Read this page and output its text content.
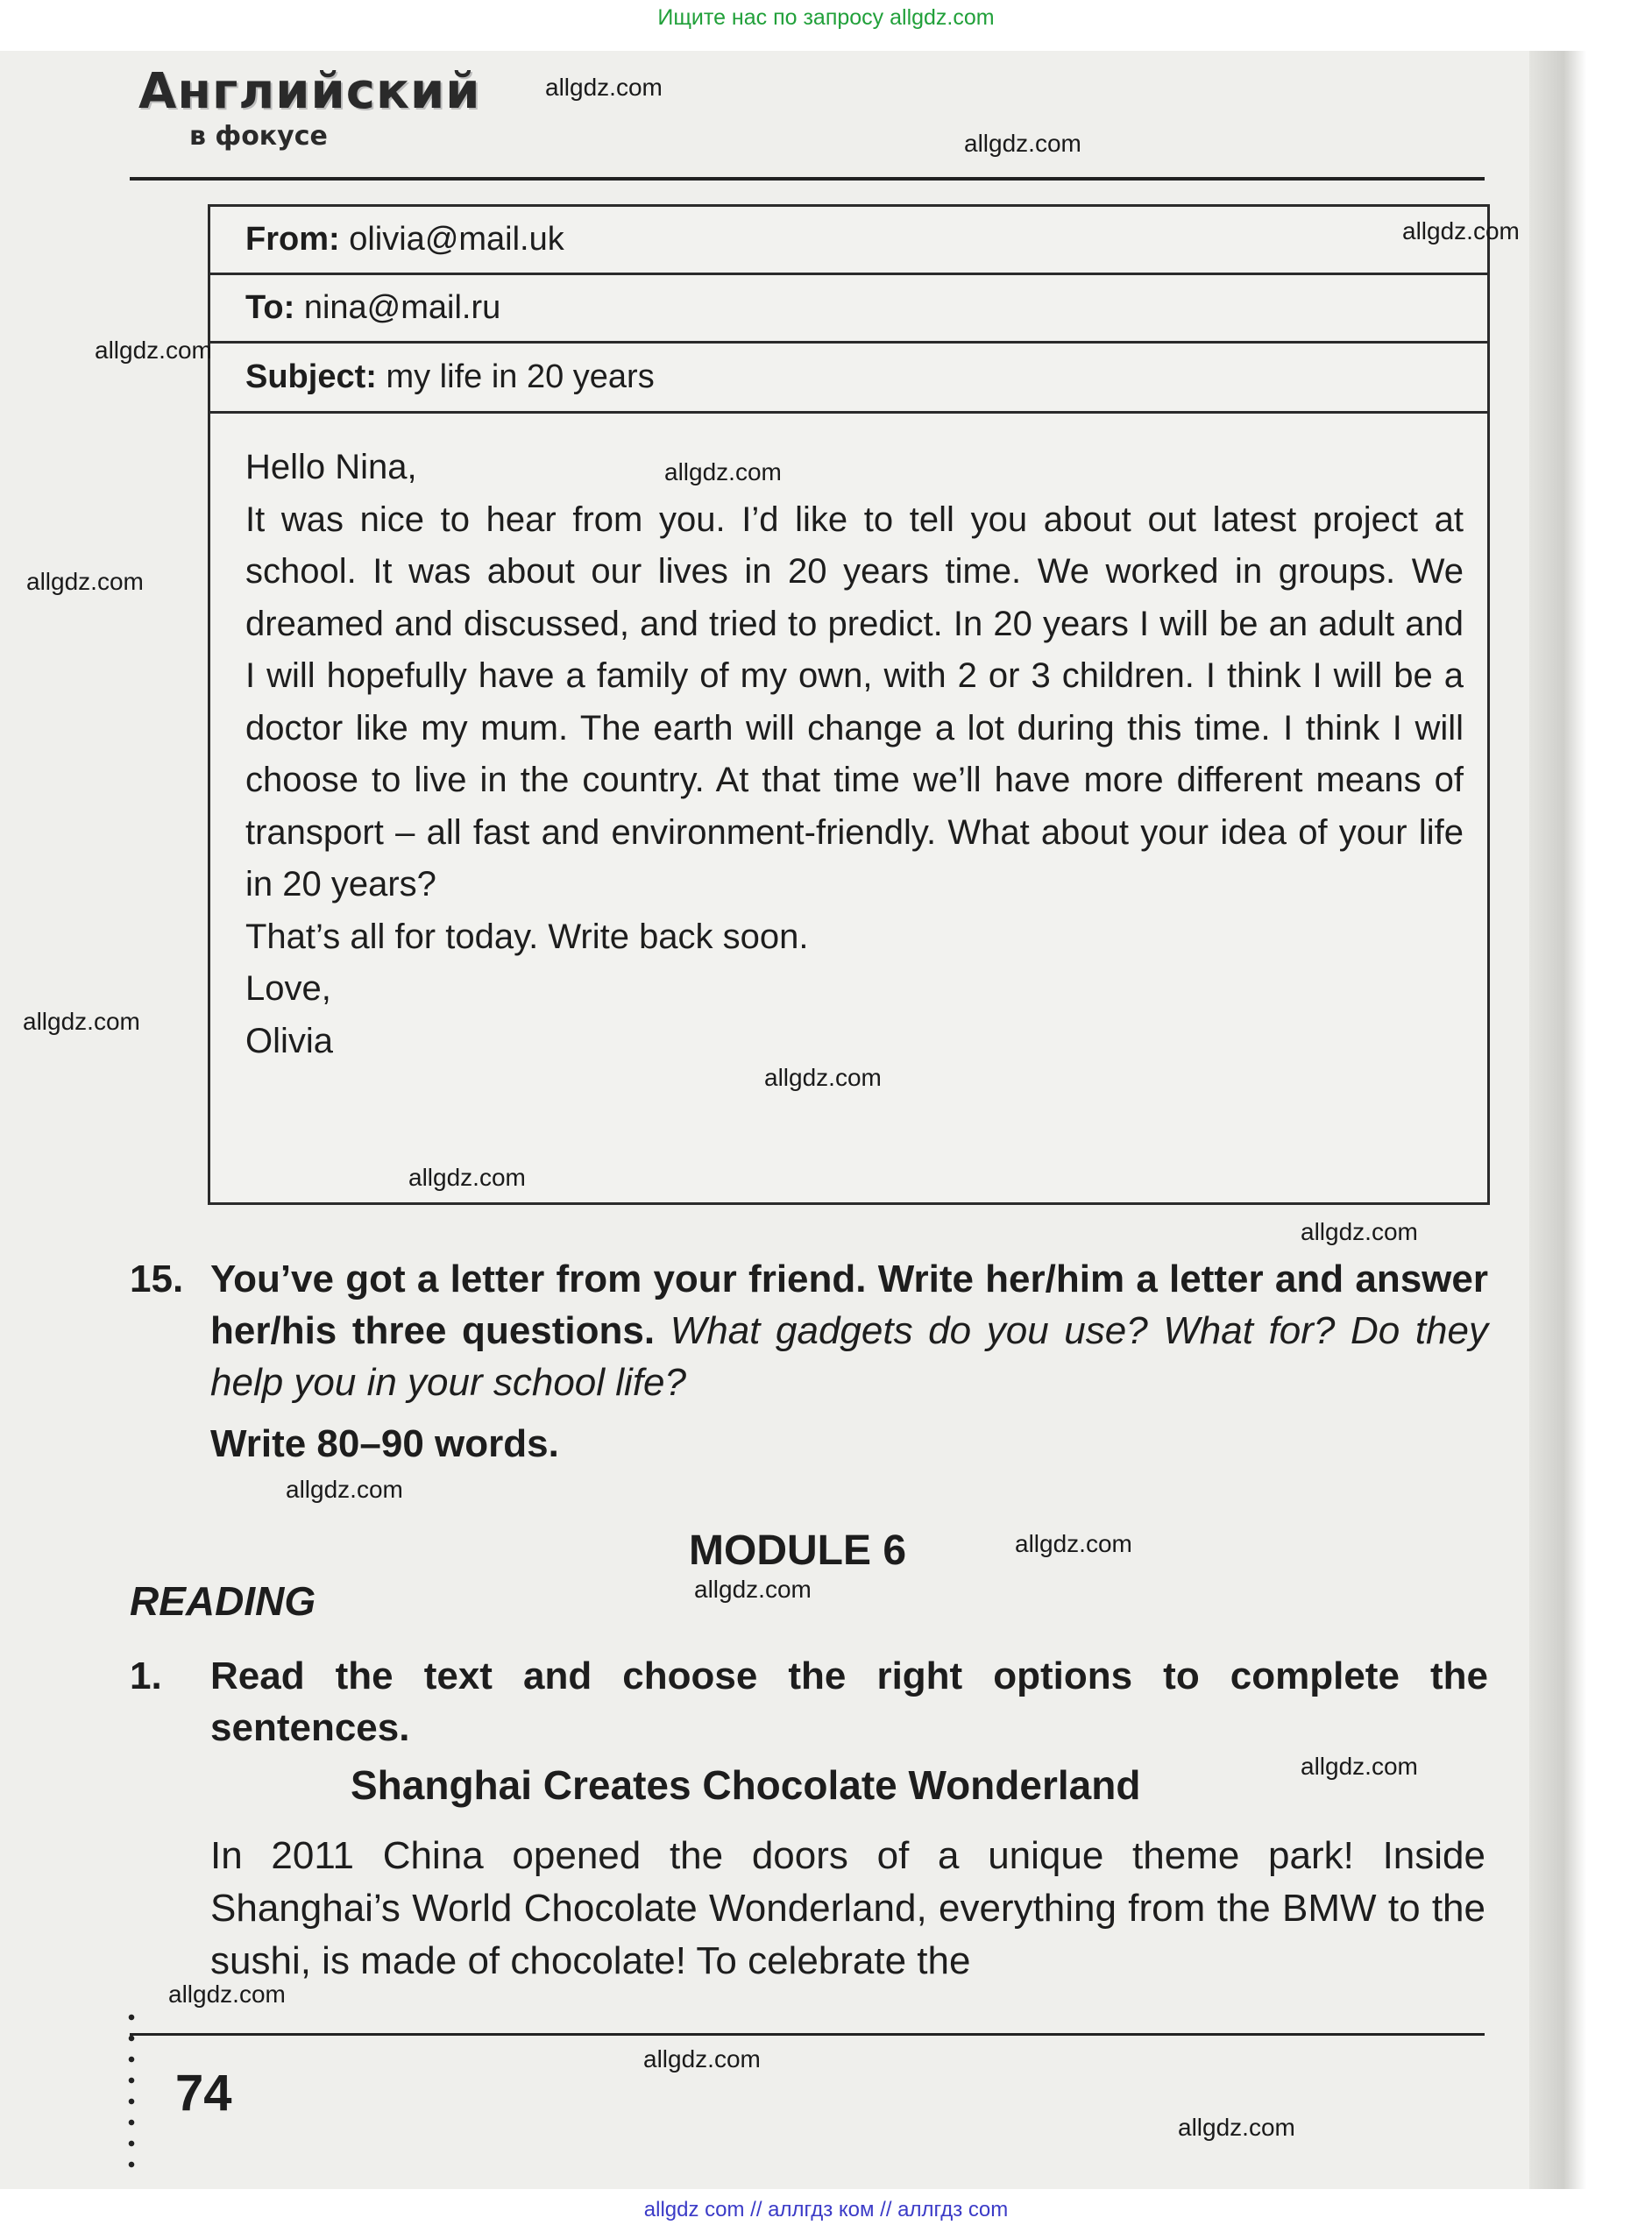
Ищите нас по запросу allgdz.com
Английский
в фокусе
From: olivia@mail.uk
To: nina@mail.ru
Subject: my life in 20 years

Hello Nina,

It was nice to hear from you. I’d like to tell you about out latest project at school. It was about our lives in 20 years time. We worked in groups. We dreamed and discussed, and tried to predict. In 20 years I will be an adult and I will hopefully have a family of my own, with 2 or 3 children. I think I will be a doctor like my mum. The earth will change a lot during this time. I think I will choose to live in the country. At that time we’ll have more different means of transport – all fast and environment-friendly. What about your idea of your life in 20 years?

That’s all for today. Write back soon.

Love,

Olivia

15. You’ve got a letter from your friend. Write her/him a letter and answer her/his three questions. What gadgets do you use? What for? Do they help you in your school life?
Write 80–90 words.
MODULE 6
READING
1. Read the text and choose the right options to complete the sentences.
Shanghai Creates Chocolate Wonderland
In 2011 China opened the doors of a unique theme park! Inside Shanghai’s World Chocolate Wonderland, everything from the BMW to the sushi, is made of chocolate! To celebrate the
74
allgdz.com
allgdz.com
allgdz.com
allgdz.com
allgdz.com
allgdz.com
allgdz.com
allgdz.com
allgdz.com
allgdz.com
allgdz.com
allgdz.com
allgdz.com
allgdz.com
allgdz.com
allgdz.com
allgdz.com
allgdz com // аллгдз ком // аллгдз com
